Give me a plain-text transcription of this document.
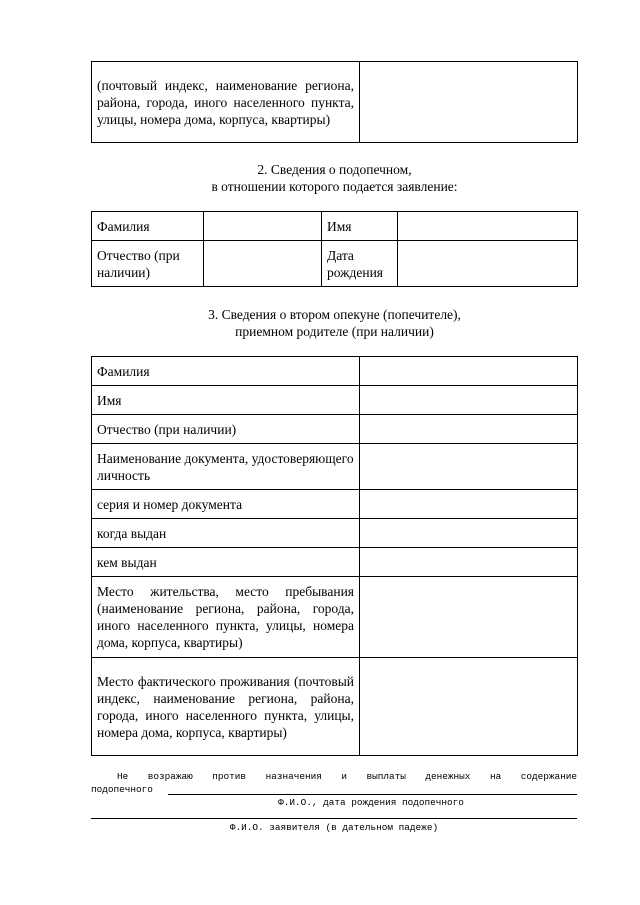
(почтовый индекс, наименование региона, района, города, иного населенного пункта, улицы, номера дома, корпуса, квартиры)	
2. Сведения о подопечном,
в отношении которого подается заявление:
Фамилия		Имя	
Отчество (при наличии)		Дата рождения	
3. Сведения о втором опекуне (попечителе),
приемном родителе (при наличии)
Фамилия	
Имя	
Отчество (при наличии)	
Наименование документа, удостоверяющего личность	
серия и номер документа	
когда выдан	
кем выдан	
Место жительства, место пребывания (наименование региона, района, города, иного населенного пункта, улицы, номера дома, корпуса, квартиры)	
Место фактического проживания (почтовый индекс, наименование региона, района, города, иного населенного пункта, улицы, номера дома, корпуса, квартиры)	
Не возражаю против назначения и выплаты денежных на содержание
подопечного
Ф.И.О., дата рождения подопечного
Ф.И.О. заявителя (в дательном падеже)
